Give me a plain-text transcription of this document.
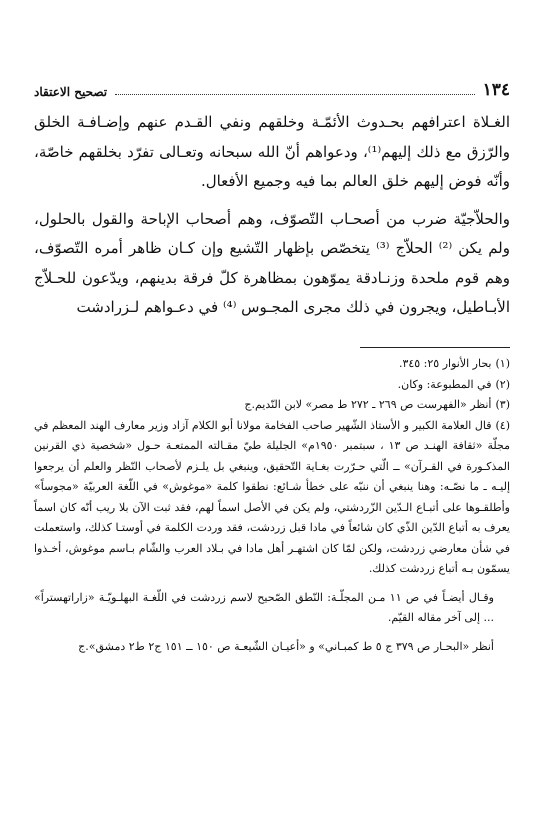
١٣٤
تصحيح الاعتقاد

الغـلاة اعترافهم بحـدوث الأئمّـة وخلقهم ونفي القـدم عنهم وإضـافـة الخلق والرّزق مع ذلك إليهم⁽¹⁾، ودعواهم أنّ الله سبحانه وتعـالى تفرّد بخلقهم خاصّة، وأنّه فوض إليهم خلق العالم بما فيه وجميع الأفعال.

والحلاّجيّة ضرب من أصحـاب التّصوّف، وهم أصحاب الإباحة والقول بالحلول، ولم يكن ⁽²⁾ الحلاّج ⁽³⁾ يتخصّص بإظهار التّشيع وإن كـان ظاهر أمره التّصوّف، وهم قوم ملحدة وزنـادقة يموّهون بمظاهرة كلّ فرقة بدينهم، ويدّعون للحـلاّج الأبـاطيل، ويجرون في ذلك مجرى المجـوس ⁽⁴⁾ في دعـواهم لـزرادشت

(١)بحار الأنوار ٢٥: ٣٤٥.

(٢)في المطبوعة: وكان.

(٣)أنظر «الفهرست ص ٢٦٩ ـ ٢٧٢ ط مصر» لابن النّديم.ج

(٤)قال العلامة الكبير و الأستاذ الشّهير صاحب الفخامة مولانا أبو الكلام آزاد وزير معارف الهند المعظم في مجلّة «ثقافة الهنـد ص ١٣ ، سبتمبر ١٩٥٠م» الجليلة طيّ مقـالته الممتعـة حـول «شخصية ذي القرنين المذكـورة في القـرآن» ــ الّتي حـرّرت بغـاية التّحقيق، وينبغي بل يلـزم لأصحاب النّظر والعلم أن يرجعوا إليـه ـ ما نصّـه: وهنا ينبغي أن ننبّه على خطأ شـائع: نطقوا كلمة «موغوش» في اللّغة العربيّة «مجوساً» وأطلقـوها على أتبـاع الـدّين الزّردشتي، ولم يكن في الأصل اسماً لهم، فقد ثبت الآن بلا ريب أنّه كان اسماً يعرف به أتباع الدّين الذّي كان شائعاً في مادا قبل زردشت، فقد وردت الكلمة في أوستـا كذلك، واستعملت في شأن معارضي زردشت، ولكن لمّا كان اشتهـر أهل مادا في بـلاد العرب والشّام بـاسم موغوش، أخـذوا يسمّون بـه أتباع زردشت كذلك.

وقـال أيضـاً في ص ١١ مـن المجلّـة: النّطق الصّحيح لاسم زردشت في اللّغـة البهلـويّـة «زاراتهستراً» ... إلى آخر مقاله القيّم.

أنظر «البحـار ص ٣٧٩ ج ٥ ط كمبـاني» و «أعيـان الشّيعـة ص ١٥٠ ــ ١٥١ ج٢ ط٢ دمشق».ج
